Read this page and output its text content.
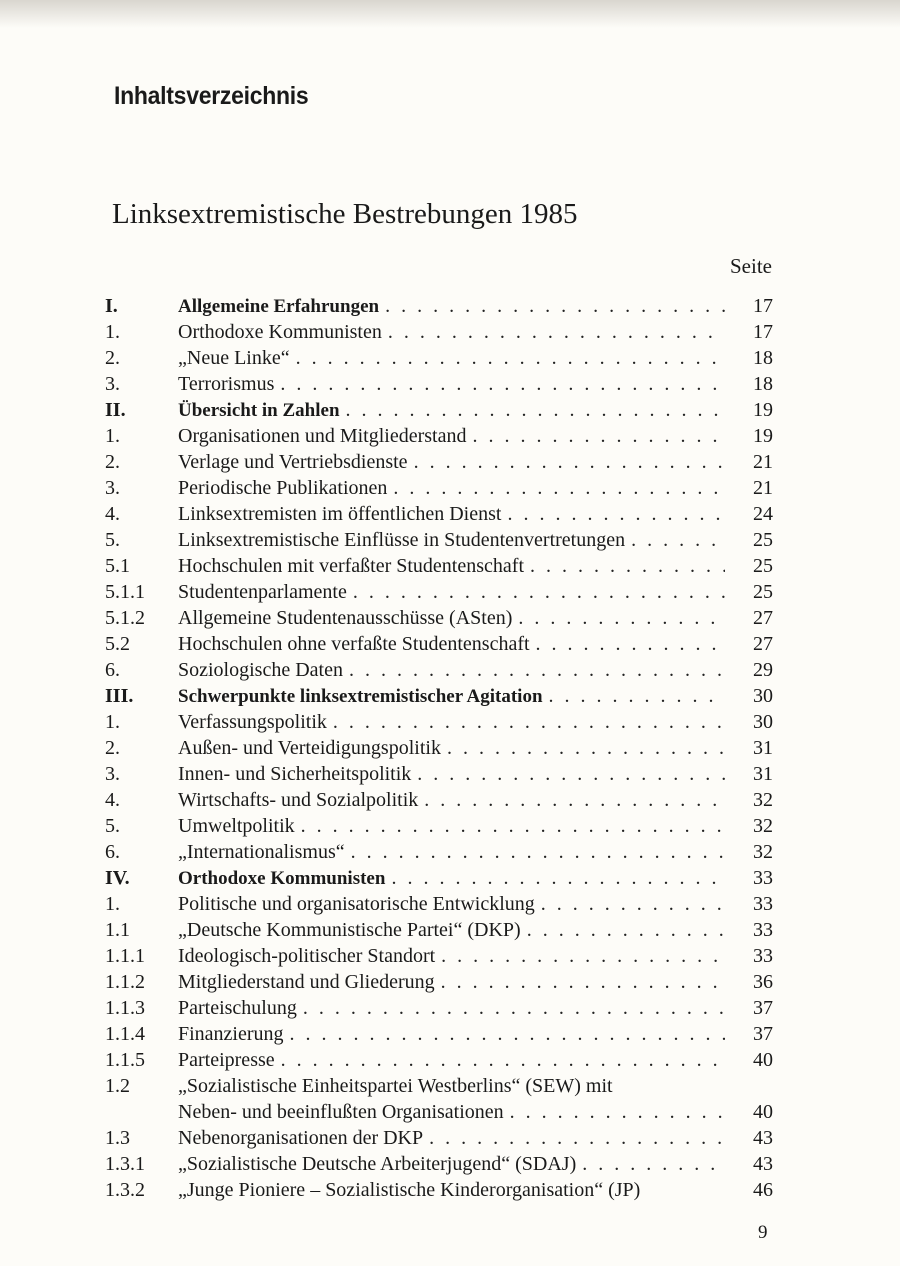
Inhaltsverzeichnis
Linksextremistische Bestrebungen 1985
Seite
I.	Allgemeine Erfahrungen . . .	17
1.	Orthodoxe Kommunisten . . .	17
2.	„Neue Linke“ . . .	18
3.	Terrorismus . . .	18
II.	Übersicht in Zahlen . . .	19
1.	Organisationen und Mitgliederstand . . .	19
2.	Verlage und Vertriebsdienste . . .	21
3.	Periodische Publikationen . . .	21
4.	Linksextremisten im öffentlichen Dienst . . .	24
5.	Linksextremistische Einflüsse in Studentenvertretungen . . .	25
5.1	Hochschulen mit verfaßter Studentenschaft . . .	25
5.1.1	Studentenparlamente . . .	25
5.1.2	Allgemeine Studentenausschüsse (ASten) . . .	27
5.2	Hochschulen ohne verfaßte Studentenschaft . . .	27
6.	Soziologische Daten . . .	29
III.	Schwerpunkte linksextremistischer Agitation . . .	30
1.	Verfassungspolitik . . .	30
2.	Außen- und Verteidigungspolitik . . .	31
3.	Innen- und Sicherheitspolitik . . .	31
4.	Wirtschafts- und Sozialpolitik . . .	32
5.	Umweltpolitik . . .	32
6.	„Internationalismus“ . . .	32
IV.	Orthodoxe Kommunisten . . .	33
1.	Politische und organisatorische Entwicklung . . .	33
1.1	„Deutsche Kommunistische Partei“ (DKP) . . .	33
1.1.1	Ideologisch-politischer Standort . . .	33
1.1.2	Mitgliederstand und Gliederung . . .	36
1.1.3	Parteischulung . . .	37
1.1.4	Finanzierung . . .	37
1.1.5	Parteipresse . . .	40
1.2	„Sozialistische Einheitspartei Westberlins“ (SEW) mit
Neben- und beeinflußten Organisationen . . .	40
1.3	Nebenorganisationen der DKP . . .	43
1.3.1	„Sozialistische Deutsche Arbeiterjugend“ (SDAJ) . . .	43
1.3.2	„Junge Pioniere – Sozialistische Kinderorganisation“ (JP)	46
9
